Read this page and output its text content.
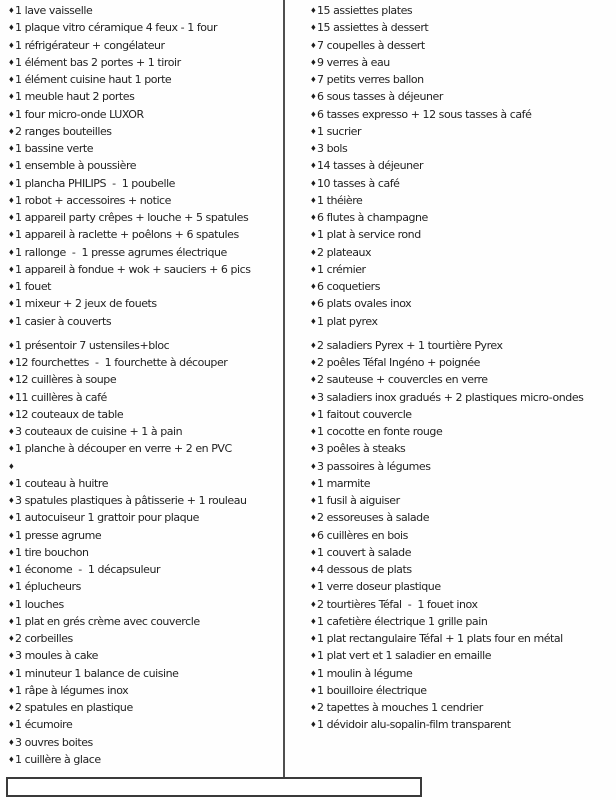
♦1 lave vaisselle
♦1 plaque vitro céramique 4 feux - 1 four
♦1 réfrigérateur + congélateur
♦1 élément bas 2 portes + 1 tiroir
♦1 élément cuisine haut 1 porte
♦1 meuble haut 2 portes
♦1 four micro-onde LUXOR
♦2 ranges bouteilles
♦1 bassine verte
♦1 ensemble à poussière
♦1 plancha PHILIPS  -  1 poubelle
♦1 robot + accessoires + notice
♦1 appareil party crêpes + louche + 5 spatules
♦1 appareil à raclette + poêlons + 6 spatules
♦1 rallonge  -  1 presse agrumes électrique
♦1 appareil à fondue + wok + sauciers + 6 pics
♦1 fouet
♦1 mixeur + 2 jeux de fouets
♦1 casier à couverts
♦1 présentoir 7 ustensiles+bloc
♦12 fourchettes  -  1 fourchette à découper
♦12 cuillères à soupe
♦11 cuillères à café
♦12 couteaux de table
♦3 couteaux de cuisine + 1 à pain
♦1 planche à découper en verre + 2 en PVC
♦
♦1 couteau à huitre
♦3 spatules plastiques à pâtisserie + 1 rouleau
♦1 autocuiseur 1 grattoir pour plaque
♦1 presse agrume
♦1 tire bouchon
♦1 économe  -  1 décapsuleur
♦1 éplucheurs
♦1 louches
♦1 plat en grés crème avec couvercle
♦2 corbeilles
♦3 moules à cake
♦1 minuteur 1 balance de cuisine
♦1 râpe à légumes inox
♦2 spatules en plastique
♦1 écumoire
♦3 ouvres boites
♦1 cuillère à glace
♦15 assiettes plates
♦15 assiettes à dessert
♦7 coupelles à dessert
♦9 verres à eau
♦7 petits verres ballon
♦6 sous tasses à déjeuner
♦6 tasses expresso + 12 sous tasses à café
♦1 sucrier
♦3 bols
♦14 tasses à déjeuner
♦10 tasses à café
♦1 théière
♦6 flutes à champagne
♦1 plat à service rond
♦2 plateaux
♦1 crémier
♦6 coquetiers
♦6 plats ovales inox
♦1 plat pyrex
♦2 saladiers Pyrex + 1 tourtière Pyrex
♦2 poêles Téfal Ingéno + poignée
♦2 sauteuse + couvercles en verre
♦3 saladiers inox gradués + 2 plastiques micro-ondes
♦1 faitout couvercle
♦1 cocotte en fonte rouge
♦3 poêles à steaks
♦3 passoires à légumes
♦1 marmite
♦1 fusil à aiguiser
♦2 essoreuses à salade
♦6 cuillères en bois
♦1 couvert à salade
♦4 dessous de plats
♦1 verre doseur plastique
♦2 tourtières Téfal  -  1 fouet inox
♦1 cafetière électrique 1 grille pain
♦1 plat rectangulaire Téfal + 1 plats four en métal
♦1 plat vert et 1 saladier en emaille
♦1 moulin à légume
♦1 bouilloire électrique
♦2 tapettes à mouches 1 cendrier
♦1 dévidoir alu-sopalin-film transparent
